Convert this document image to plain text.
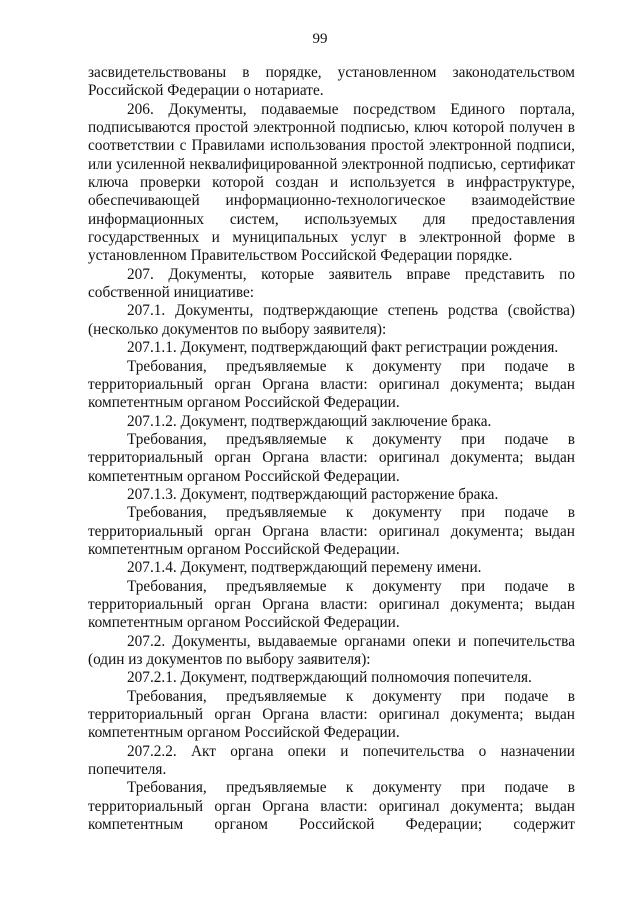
99

засвидетельствованы в порядке, установленном законодательством Российской Федерации о нотариате.

206. Документы, подаваемые посредством Единого портала, подписываются простой электронной подписью, ключ которой получен в соответствии с Правилами использования простой электронной подписи, или усиленной неквалифицированной электронной подписью, сертификат ключа проверки которой создан и используется в инфраструктуре, обеспечивающей информационно-технологическое взаимодействие информационных систем, используемых для предоставления государственных и муниципальных услуг в электронной форме в установленном Правительством Российской Федерации порядке.

207. Документы, которые заявитель вправе представить по собственной инициативе:

207.1. Документы, подтверждающие степень родства (свойства) (несколько документов по выбору заявителя):

207.1.1. Документ, подтверждающий факт регистрации рождения.

Требования, предъявляемые к документу при подаче в территориальный орган Органа власти: оригинал документа; выдан компетентным органом Российской Федерации.

207.1.2. Документ, подтверждающий заключение брака.

Требования, предъявляемые к документу при подаче в территориальный орган Органа власти: оригинал документа; выдан компетентным органом Российской Федерации.

207.1.3. Документ, подтверждающий расторжение брака.

Требования, предъявляемые к документу при подаче в территориальный орган Органа власти: оригинал документа; выдан компетентным органом Российской Федерации.

207.1.4. Документ, подтверждающий перемену имени.

Требования, предъявляемые к документу при подаче в территориальный орган Органа власти: оригинал документа; выдан компетентным органом Российской Федерации.

207.2. Документы, выдаваемые органами опеки и попечительства (один из документов по выбору заявителя):

207.2.1. Документ, подтверждающий полномочия попечителя.

Требования, предъявляемые к документу при подаче в территориальный орган Органа власти: оригинал документа; выдан компетентным органом Российской Федерации.

207.2.2. Акт органа опеки и попечительства о назначении попечителя.

Требования, предъявляемые к документу при подаче в территориальный орган Органа власти: оригинал документа; выдан компетентным органом Российской Федерации; содержит
